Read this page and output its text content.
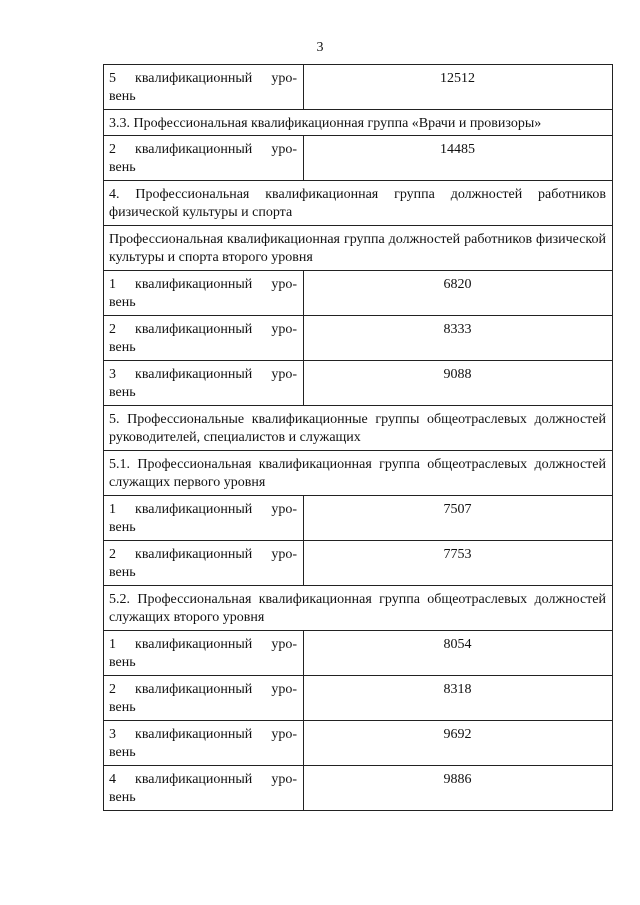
3
5 квалификационный уро-
вень	12512
3.3. Профессиональная квалификационная группа «Врачи и провизоры»	
2 квалификационный уро-
вень	14485
4. Профессиональная квалификационная группа должностей работников физической культуры и спорта	
Профессиональная квалификационная группа должностей работников физической культуры и спорта второго уровня	
1 квалификационный уро-
вень	6820
2 квалификационный уро-
вень	8333
3 квалификационный уро-
вень	9088
5. Профессиональные квалификационные группы общеотраслевых должностей руководителей, специалистов и служащих	
5.1. Профессиональная квалификационная группа общеотраслевых должностей служащих первого уровня	
1 квалификационный уро-
вень	7507
2 квалификационный уро-
вень	7753
5.2. Профессиональная квалификационная группа общеотраслевых должностей служащих второго уровня	
1 квалификационный уро-
вень	8054
2 квалификационный уро-
вень	8318
3 квалификационный уро-
вень	9692
4 квалификационный уро-
вень	9886
